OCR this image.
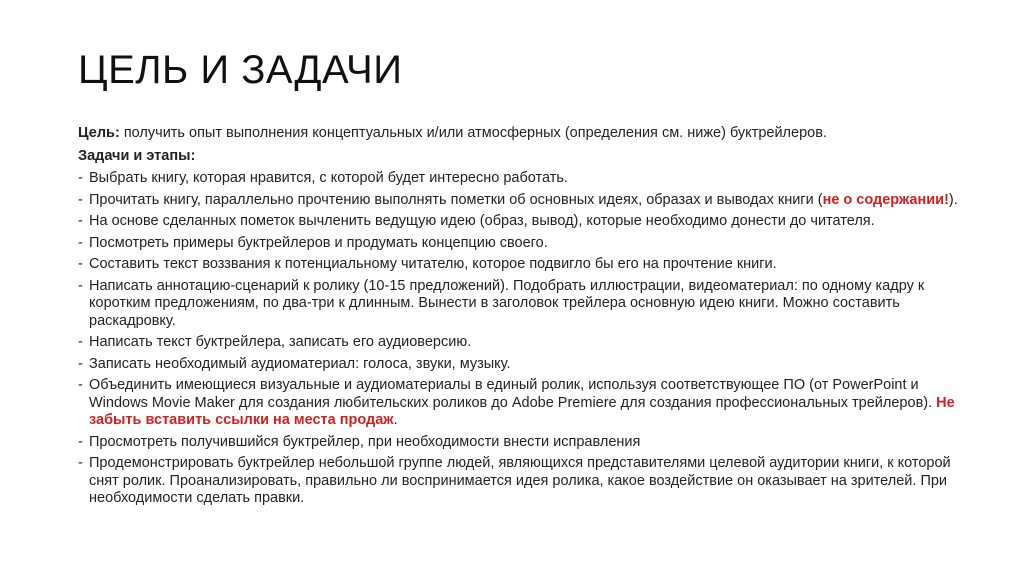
ЦЕЛЬ И ЗАДАЧИ

Цель: получить опыт выполнения концептуальных и/или атмосферных (определения см. ниже) буктрейлеров.

Задачи и этапы:

- Выбрать книгу, которая нравится, с которой будет интересно работать.
- Прочитать книгу, параллельно прочтению выполнять пометки об основных идеях, образах и выводах книги (не о содержании!).
- На основе сделанных пометок вычленить ведущую идею (образ, вывод), которые необходимо донести до читателя.
- Посмотреть примеры буктрейлеров и продумать концепцию своего.
- Составить текст воззвания к потенциальному читателю, которое подвигло бы его на прочтение книги.
- Написать аннотацию-сценарий к ролику (10-15 предложений). Подобрать иллюстрации, видеоматериал: по одному кадру к коротким предложениям, по два-три к длинным. Вынести в заголовок трейлера основную идею книги. Можно составить раскадровку.
- Написать текст буктрейлера, записать его аудиоверсию.
- Записать необходимый аудиоматериал: голоса, звуки, музыку.
- Объединить имеющиеся визуальные и аудиоматериалы в единый ролик, используя соответствующее ПО (от PowerPoint и Windows Movie Maker для создания любительских роликов до Adobe Premiere для создания профессиональных трейлеров). Не забыть вставить ссылки на места продаж.
- Просмотреть получившийся буктрейлер, при необходимости внести исправления
- Продемонстрировать буктрейлер небольшой группе людей, являющихся представителями целевой аудитории книги, к которой снят ролик. Проанализировать, правильно ли воспринимается идея ролика, какое воздействие он оказывает на зрителей. При необходимости сделать правки.
